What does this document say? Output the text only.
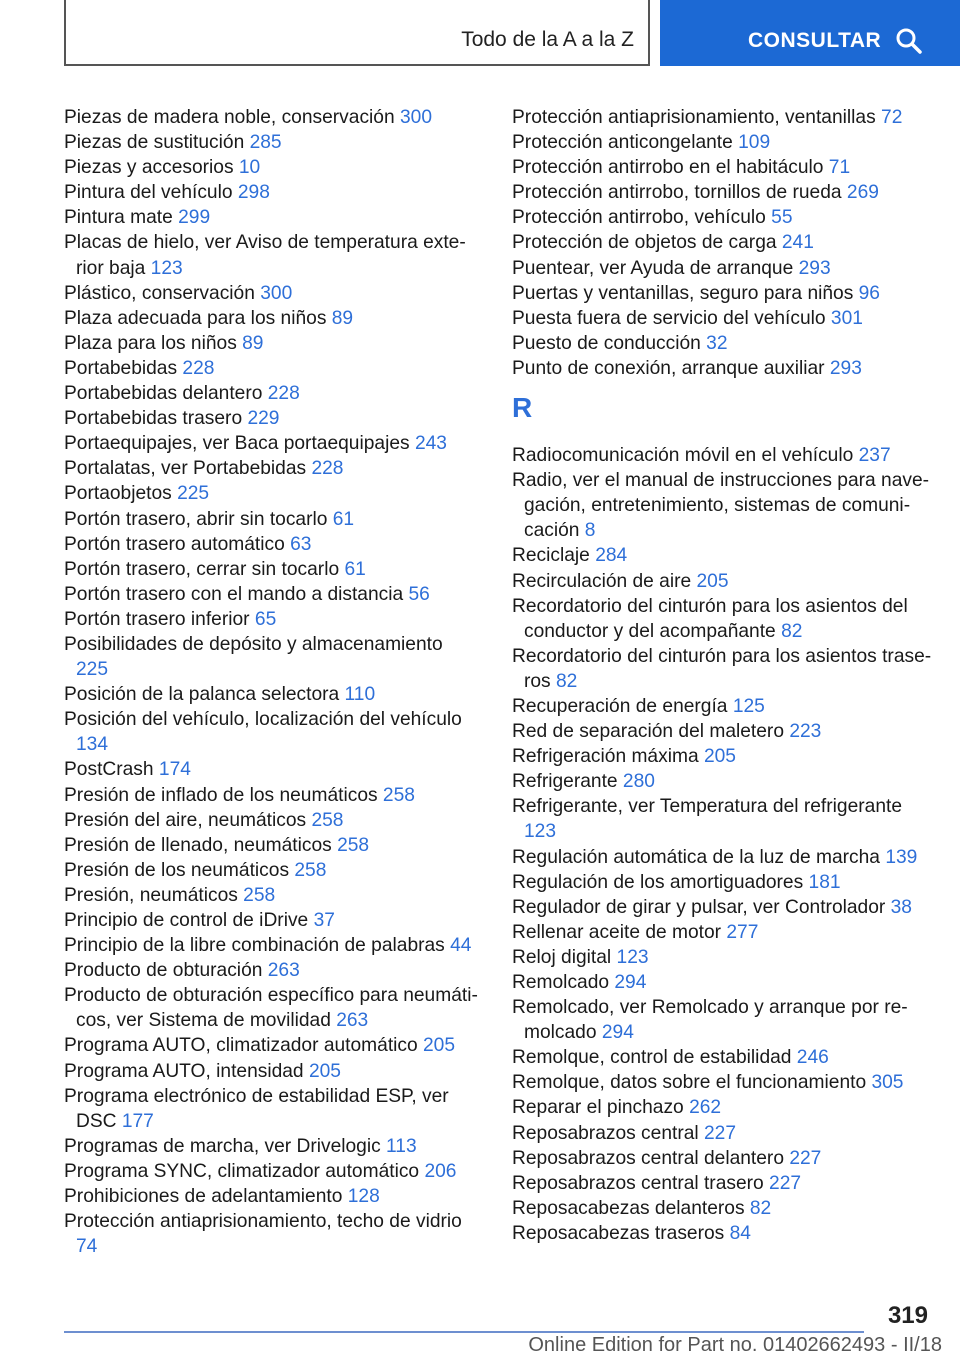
Todo de la A a la Z	CONSULTAR
Piezas de madera noble, conservación 300
Piezas de sustitución 285
Piezas y accesorios 10
Pintura del vehículo 298
Pintura mate 299
Placas de hielo, ver Aviso de temperatura exterior baja 123
Plástico, conservación 300
Plaza adecuada para los niños 89
Plaza para los niños 89
Portabebidas 228
Portabebidas delantero 228
Portabebidas trasero 229
Portaequipajes, ver Baca portaequipajes 243
Portalatas, ver Portabebidas 228
Portaobjetos 225
Portón trasero, abrir sin tocarlo 61
Portón trasero automático 63
Portón trasero, cerrar sin tocarlo 61
Portón trasero con el mando a distancia 56
Portón trasero inferior 65
Posibilidades de depósito y almacenamiento 225
Posición de la palanca selectora 110
Posición del vehículo, localización del vehículo 134
PostCrash 174
Presión de inflado de los neumáticos 258
Presión del aire, neumáticos 258
Presión de llenado, neumáticos 258
Presión de los neumáticos 258
Presión, neumáticos 258
Principio de control de iDrive 37
Principio de la libre combinación de palabras 44
Producto de obturación 263
Producto de obturación específico para neumáticos, ver Sistema de movilidad 263
Programa AUTO, climatizador automático 205
Programa AUTO, intensidad 205
Programa electrónico de estabilidad ESP, ver DSC 177
Programas de marcha, ver Drivelogic 113
Programa SYNC, climatizador automático 206
Prohibiciones de adelantamiento 128
Protección antiaprisionamiento, techo de vidrio 74
Protección antiaprisionamiento, ventanillas 72
Protección anticongelante 109
Protección antirrobo en el habitáculo 71
Protección antirrobo, tornillos de rueda 269
Protección antirrobo, vehículo 55
Protección de objetos de carga 241
Puentear, ver Ayuda de arranque 293
Puertas y ventanillas, seguro para niños 96
Puesta fuera de servicio del vehículo 301
Puesto de conducción 32
Punto de conexión, arranque auxiliar 293
R
Radiocomunicación móvil en el vehículo 237
Radio, ver el manual de instrucciones para navegación, entretenimiento, sistemas de comunicación 8
Reciclaje 284
Recirculación de aire 205
Recordatorio del cinturón para los asientos del conductor y del acompañante 82
Recordatorio del cinturón para los asientos traseros 82
Recuperación de energía 125
Red de separación del maletero 223
Refrigeración máxima 205
Refrigerante 280
Refrigerante, ver Temperatura del refrigerante 123
Regulación automática de la luz de marcha 139
Regulación de los amortiguadores 181
Regulador de girar y pulsar, ver Controlador 38
Rellenar aceite de motor 277
Reloj digital 123
Remolcado 294
Remolcado, ver Remolcado y arranque por remolcado 294
Remolque, control de estabilidad 246
Remolque, datos sobre el funcionamiento 305
Reparar el pinchazo 262
Reposabrazos central 227
Reposabrazos central delantero 227
Reposabrazos central trasero 227
Reposacabezas delanteros 82
Reposacabezas traseros 84
319
Online Edition for Part no. 01402662493 - II/18
